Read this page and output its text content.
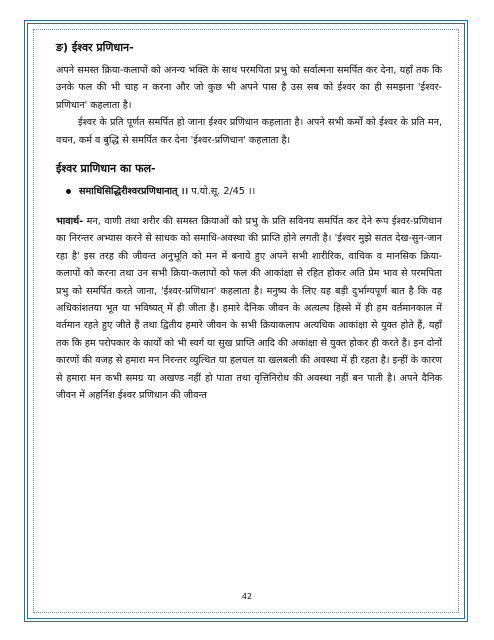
ङ) ईश्वर प्रणिधान-

अपने समस्त क्रिया-कलापों को अनन्य भक्ति के साथ परमपिता प्रभु को सर्वात्मना समर्पित कर देना, यहाँ तक कि उनके फल की भी चाह न करना और जो कुछ भी अपने पास है उस सब को ईश्वर का ही समझना 'ईश्वर-प्रणिधान' कहलाता है।

ईश्वर के प्रति पूर्णत समर्पित हो जाना ईश्वर प्रणिधान कहलाता है। अपने सभी कर्मों को ईश्वर के प्रति मन, वचन, कर्म व बुद्धि से समर्पित कर देना 'ईश्वर-प्रणिधान' कहलाता है।

ईश्वर प्राणिधान का फल-

समाधिसिद्धिरीश्वरप्रणिधानात् ।। प.यो.सू. 2/45 ।।

भावार्थ- मन, वाणी तथा शरीर की समस्त क्रियाओं को प्रभु के प्रति सविनय समर्पित कर देने रूप ईश्वर-प्रणिधान का निरन्तर अभ्यास करने से साधक को समाधि-अवस्था की प्राप्ति होने लगती है। 'ईश्वर मुझे सतत देख-सुन-जान रहा है' इस तरह की जीवन्त अनुभूति को मन में बनाये हुए अपने सभी शारीरिक, वाचिक व मानसिक क्रिया-कलापों को करना तथा उन सभी क्रिया-कलापों को फल की आकांक्षा से रहित होकर अति प्रेम भाव से परमपिता प्रभु को समर्पित करते जाना, 'ईश्वर-प्रणिधान' कहलाता है। मनुष्य के लिए यह बड़ी दुर्भाग्यपूर्ण बात है कि वह अधिकांशतया भूत या भविष्यत् में ही जीता है। हमारे दैनिक जीवन के अत्यल्प हिस्से में ही हम वर्तमानकाल में वर्तमान रहते हुए जीते हैं तथा द्वितीय हमारे जीवन के सभी क्रियाकलाप अत्यधिक आकांक्षा से युक्त होते हैं, यहाँ तक कि हम परोपकार के कार्यों को भी स्वर्ग या सुख प्राप्ति आदि की अकांक्षा से युक्त होकर ही करते हैं। इन दोनों कारणों की वजह से हमारा मन निरन्तर व्युत्थित या हलचल या खलबली की अवस्था में ही रहता है। इन्हीं के कारण से हमारा मन कभी समग्र या अखण्ड नहीं हो पाता तथा वृत्तिनिरोध की अवस्था नहीं बन पाती है। अपने दैनिक जीवन में अहर्निश ईश्वर प्रणिधान की जीवन्त

42
